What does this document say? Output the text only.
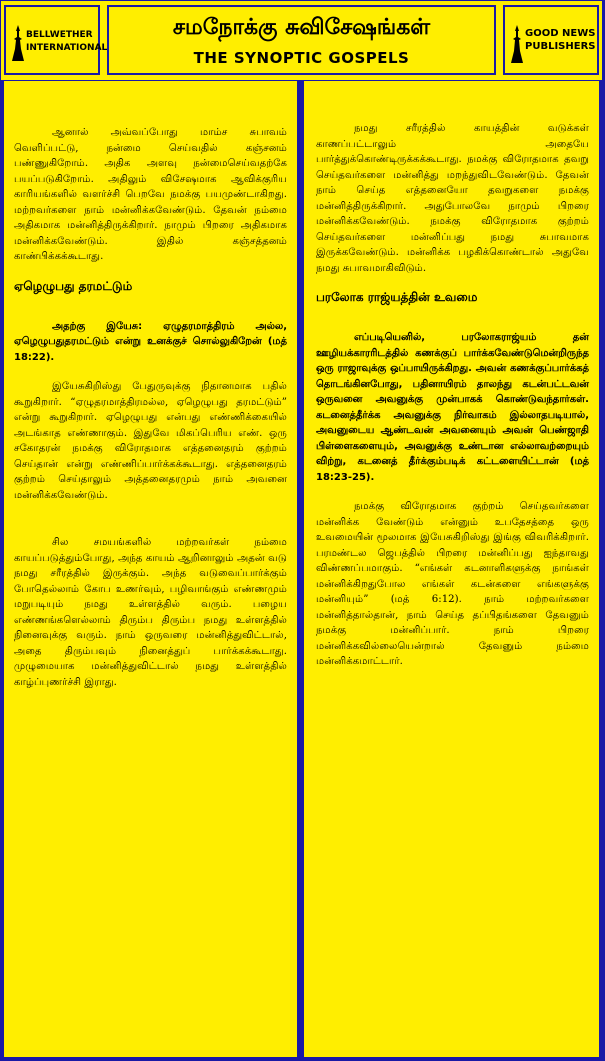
BELLWETHER INTERNATIONAL
சமநோக்கு சுவிசேஷங்கள்
THE SYNOPTIC GOSPELS
GOOD NEWS PUBLISHERS

ஆனால் அவ்வப்போது மாம்ச சுபாவம் வெளிப்பட்டு, நன்மை செய்வதில் கஞ்சனம் பண்ணுகிறோம். அதிக அளவு நன்மைசெய்வதற்கே பயப்படுகிறோம். அதிலும் விசேஷமாக ஆவிக்குரிய காரியங்களில் வளர்ச்சி பெறவே நமக்கு பயமுண்டாகிறது. மற்றவர்களை நாம் மன்னிக்கவேண்டும். தேவன் நம்மை அதிகமாக மன்னித்திருக்கிறார். நாமும் பிறரை அதிகமாக மன்னிக்கவேண்டும். இதில் கஞ்சத்தனம் காண்பிக்கக்கூடாது.

ஏழெழுபது தரமட்டும்

அதற்கு இயேசு: ஏழுதரமாத்திரம் அல்ல, ஏழெழுபதுதரமட்டும் என்று உனக்குச் சொல்லுகிறேன் (மத் 18:22).

இயேசுகிறிஸ்து பேதுருவுக்கு நிதானமாக பதில் கூறுகிறார். “ஏழுதரமாத்திரமல்ல, ஏழெழுபது தரமட்டும்” என்று கூறுகிறார். ஏழெழுபது என்பது எண்ணிக்கையில் அடங்காத எண்ணாகும். இதுவே மிகப்பெரிய எண். ஒரு சகோதரன் நமக்கு விரோதமாக எத்தனைதரம் குற்றம் செய்தான் என்று எண்ணிப்பார்க்கக்கூடாது. எத்தனைதரம் குற்றம் செய்தாலும் அத்தனைதரமும் நாம் அவனை மன்னிக்கவேண்டும்.

சில சமயங்களில் மற்றவர்கள் நம்மை காயப்படுத்தும்போது, அந்த காயம் ஆறினாலும் அதன் வடு நமது சரீரத்தில் இருக்கும். அந்த வடுவைப்பார்க்கும் போதெல்லாம் கோப உணர்வும், பழிவாங்கும் எண்ணமும் மறுபடியும் நமது உள்ளத்தில் வரும். பழைய எண்ணங்களெல்லாம் திரும்ப திரும்ப நமது உள்ளத்தில் நினைவுக்கு வரும். நாம் ஒருவரை மன்னித்துவிட்டால், அதை திரும்பவும் நினைத்துப் பார்க்கக்கூடாது. முழுமையாக மன்னித்துவிட்டால் நமது உள்ளத்தில் காழ்ப்புணர்ச்சி இராது.

நமது சரீரத்தில் காயத்தின் வடுக்கள் காணப்பட்டாலும் அதையே பார்த்துக்கொண்டிருக்கக்கூடாது. நமக்கு விரோதமாக தவறு செய்தவர்களை மன்னித்து மறந்துவிடவேண்டும். தேவன் நாம் செய்த எத்தனையோ தவறுகளை நமக்கு மன்னித்திருக்கிறார். அதுபோலவே நாமும் பிறரை மன்னிக்கவேண்டும். நமக்கு விரோதமாக குற்றம் செய்தவர்களை மன்னிப்பது நமது சுபாவமாக இருக்கவேண்டும். மன்னிக்க பழகிக்கொண்டால் அதுவே நமது சுபாவமாகிவிடும்.

பரலோக ராஜ்யத்தின் உவமை

எப்படியெனில், பரலோகராஜ்யம் தன் ஊழியக்காரரிடத்தில் கணக்குப் பார்க்கவேண்டுமென்றிருந்த ஒரு ராஜாவுக்கு ஒப்பாயிருக்கிறது. அவன் கணக்குப்பார்க்கத் தொடங்கினபோது, பதினாயிரம் தாலந்து கடன்பட்டவன் ஒருவனை அவனுக்கு முன்பாகக் கொண்டுவந்தார்கள். கடனைத்தீர்க்க அவனுக்கு நிர்வாகம் இல்லாதபடியால், அவனுடைய ஆண்டவன் அவனையும் அவன் பெண்ஜாதி பிள்ளைகளையும், அவனுக்கு உண்டான எல்லாவற்றையும் விற்று, கடனைத் தீர்க்கும்படிக் கட்டளையிட்டான் (மத் 18:23-25).

நமக்கு விரோதமாக குற்றம் செய்தவர்களை மன்னிக்க வேண்டும் என்னும் உபதேசத்தை ஒரு உவமையின் மூலமாக இயேசுகிறிஸ்து இங்கு விவரிக்கிறார். பரமண்டல ஜெபத்தில் பிறரை மன்னிப்பது ஐந்தாவது விண்ணப்பமாகும். “எங்கள் கடனாளிகளுக்கு நாங்கள் மன்னிக்கிறதுபோல எங்கள் கடன்களை எங்களுக்கு மன்னியும்” (மத் 6:12). நாம் மற்றவர்களை மன்னித்தால்தான், நாம் செய்த தப்பிதங்களை தேவனும் நமக்கு மன்னிப்பார். நாம் பிறரை மன்னிக்கவில்லையென்றால் தேவனும் நம்மை மன்னிக்கமாட்டார்.
